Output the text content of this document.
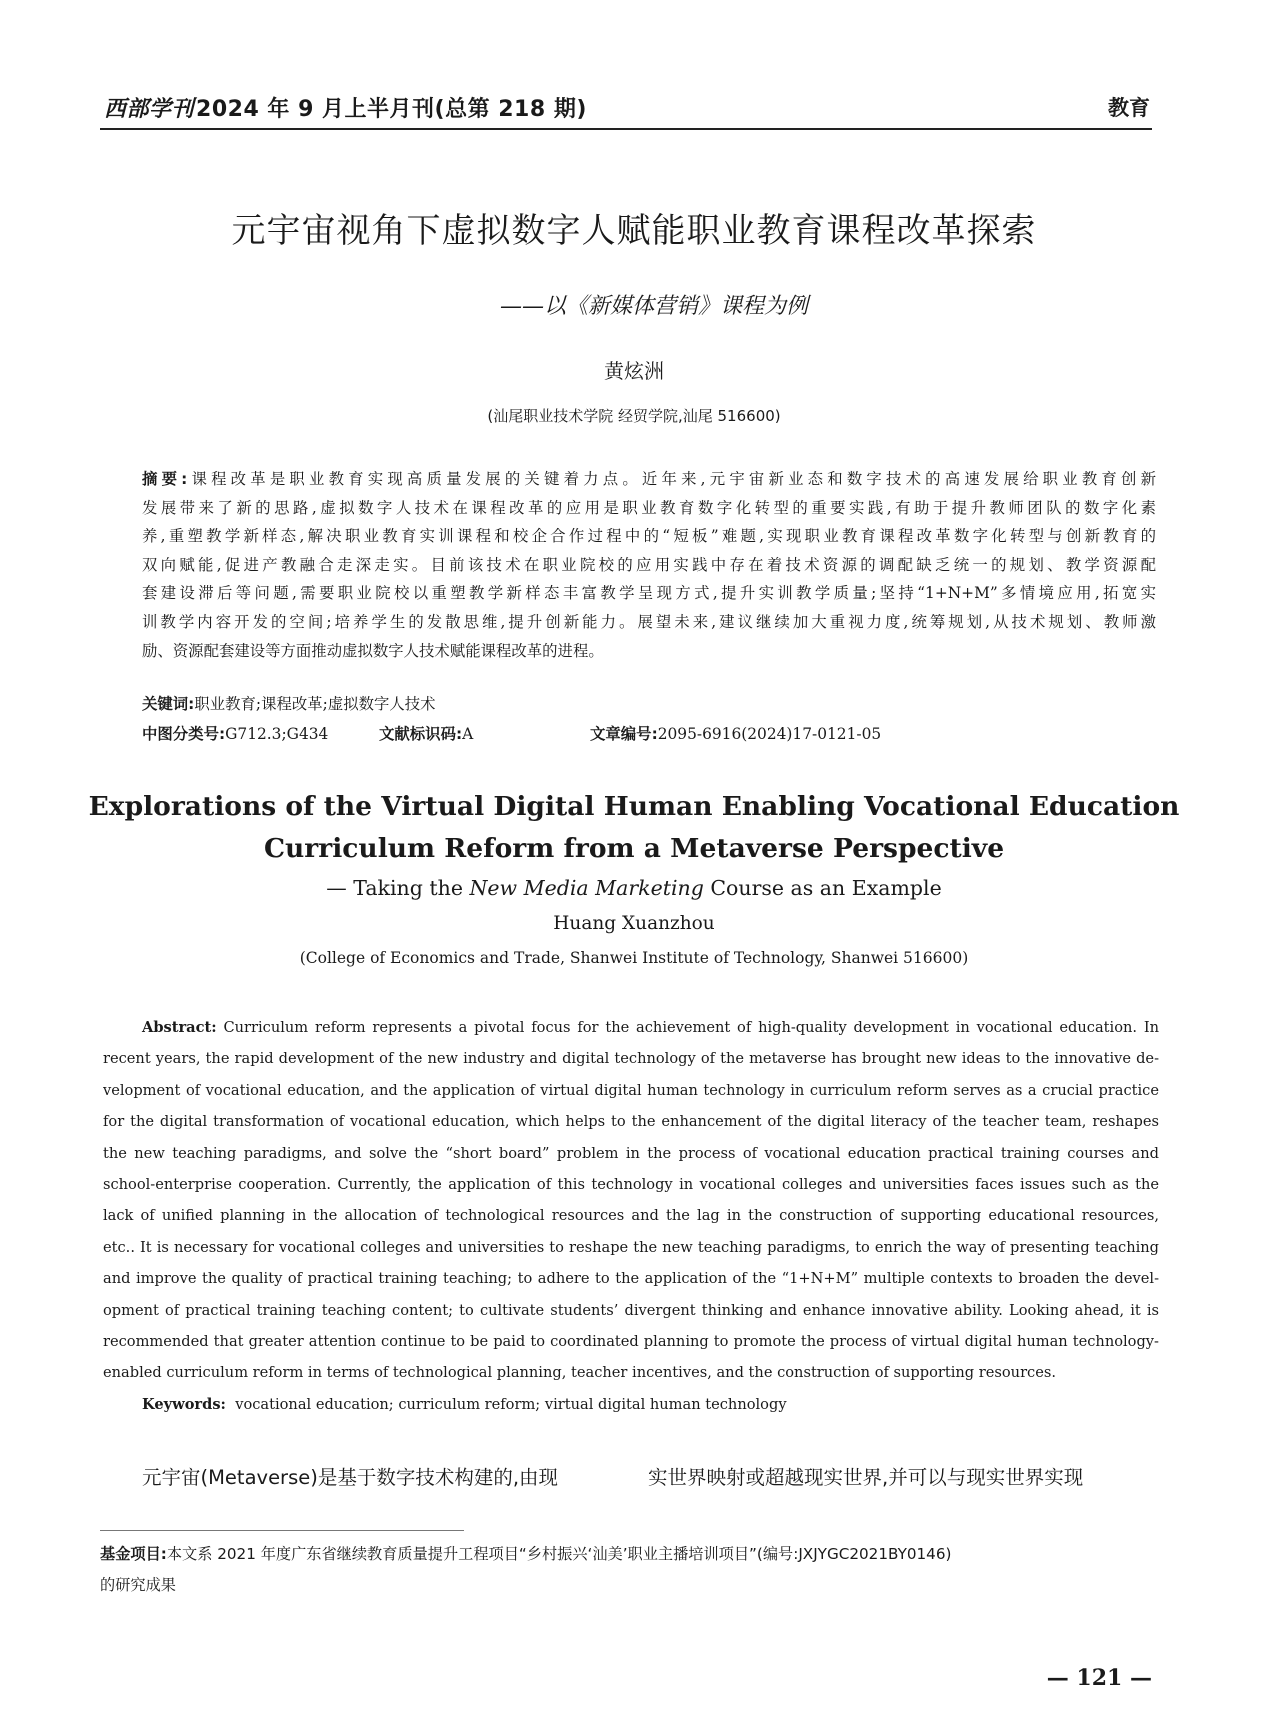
西部学刊2024 年 9 月上半月刊(总第 218 期)	教育
元宇宙视角下虚拟数字人赋能职业教育课程改革探索
——以《新媒体营销》课程为例
黄炫洲
(汕尾职业技术学院 经贸学院,汕尾 516600)
摘要:课程改革是职业教育实现高质量发展的关键着力点。近年来,元宇宙新业态和数字技术的高速发展给职业教育创新
发展带来了新的思路,虚拟数字人技术在课程改革的应用是职业教育数字化转型的重要实践,有助于提升教师团队的数字化素
养,重塑教学新样态,解决职业教育实训课程和校企合作过程中的“短板”难题,实现职业教育课程改革数字化转型与创新教育的
双向赋能,促进产教融合走深走实。目前该技术在职业院校的应用实践中存在着技术资源的调配缺乏统一的规划、教学资源配
套建设滞后等问题,需要职业院校以重塑教学新样态丰富教学呈现方式,提升实训教学质量;坚持“1+N+M”多情境应用,拓宽实
训教学内容开发的空间;培养学生的发散思维,提升创新能力。展望未来,建议继续加大重视力度,统筹规划,从技术规划、教师激
励、资源配套建设等方面推动虚拟数字人技术赋能课程改革的进程。
关键词:职业教育;课程改革;虚拟数字人技术
中图分类号:G712.3;G434	文献标识码:A	文章编号:2095-6916(2024)17-0121-05
Explorations of the Virtual Digital Human Enabling Vocational Education
Curriculum Reform from a Metaverse Perspective
— Taking the New Media Marketing Course as an Example
Huang Xuanzhou
(College of Economics and Trade, Shanwei Institute of Technology, Shanwei 516600)
Abstract: Curriculum reform represents a pivotal focus for the achievement of high-quality development in vocational education. In
recent years, the rapid development of the new industry and digital technology of the metaverse has brought new ideas to the innovative de-
velopment of vocational education, and the application of virtual digital human technology in curriculum reform serves as a crucial practice
for the digital transformation of vocational education, which helps to the enhancement of the digital literacy of the teacher team, reshapes
the new teaching paradigms, and solve the “short board” problem in the process of vocational education practical training courses and
school-enterprise cooperation. Currently, the application of this technology in vocational colleges and universities faces issues such as the
lack of unified planning in the allocation of technological resources and the lag in the construction of supporting educational resources,
etc.. It is necessary for vocational colleges and universities to reshape the new teaching paradigms, to enrich the way of presenting teaching
and improve the quality of practical training teaching; to adhere to the application of the “1+N+M” multiple contexts to broaden the devel-
opment of practical training teaching content; to cultivate students’ divergent thinking and enhance innovative ability. Looking ahead, it is
recommended that greater attention continue to be paid to coordinated planning to promote the process of virtual digital human technology-
enabled curriculum reform in terms of technological planning, teacher incentives, and the construction of supporting resources.
Keywords: vocational education; curriculum reform; virtual digital human technology
元宇宙(Metaverse)是基于数字技术构建的,由现	实世界映射或超越现实世界,并可以与现实世界实现
基金项目:本文系 2021 年度广东省继续教育质量提升工程项目“乡村振兴‘汕美’职业主播培训项目”(编号:JXJYGC2021BY0146)
的研究成果
— 121 —
